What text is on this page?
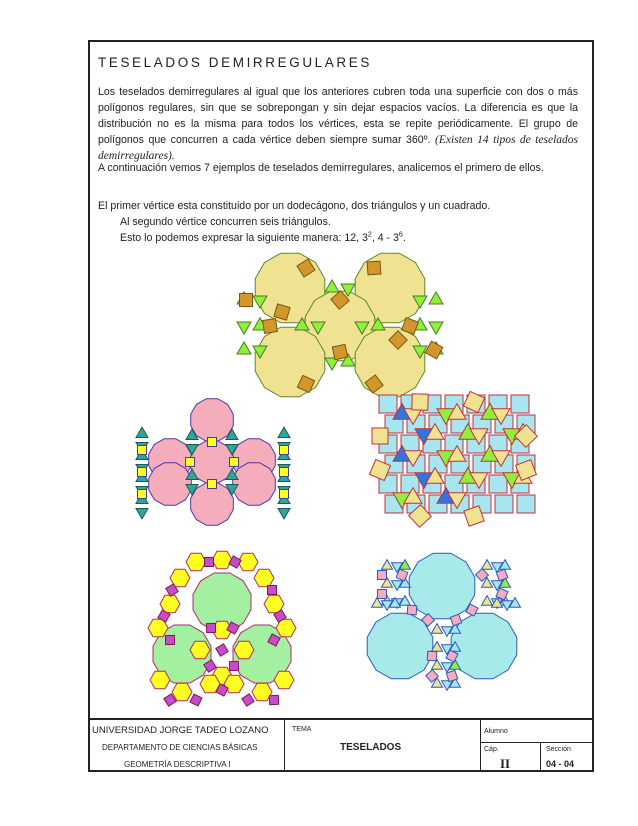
TESELADOS DEMIRREGULARES
Los teselados demirregulares al igual que los anteriores cubren toda una superficie con dos o más polígonos regulares, sin que se sobrepongan y sin dejar espacios vacíos. La diferencia es que la distribución no es la misma para todos los vértices, esta se repite periódicamente. El grupo de polígonos que concurren a cada vértice deben siempre sumar 360º. (Existen 14 tipos de teselados demirregulares).
A continuación vemos 7 ejemplos de teselados demirregulares, analicemos el primero de ellos.
El primer vértice esta constituido por un dodecágono, dos triángulos y un cuadrado.
Al segundo vértice concurren seis triángulos.
Esto lo podemos expresar la siguiente manera: 12, $3^2$, $4 - 3^6$.
UNIVERSIDAD JORGE TADEO LOZANO
DEPARTAMENTO DE CIENCIAS BÁSICAS
GEOMETRÍA DESCRIPTIVA I
TEMA
TESELADOS
Alumno
Cáp.
II
Sección
04 - 04
